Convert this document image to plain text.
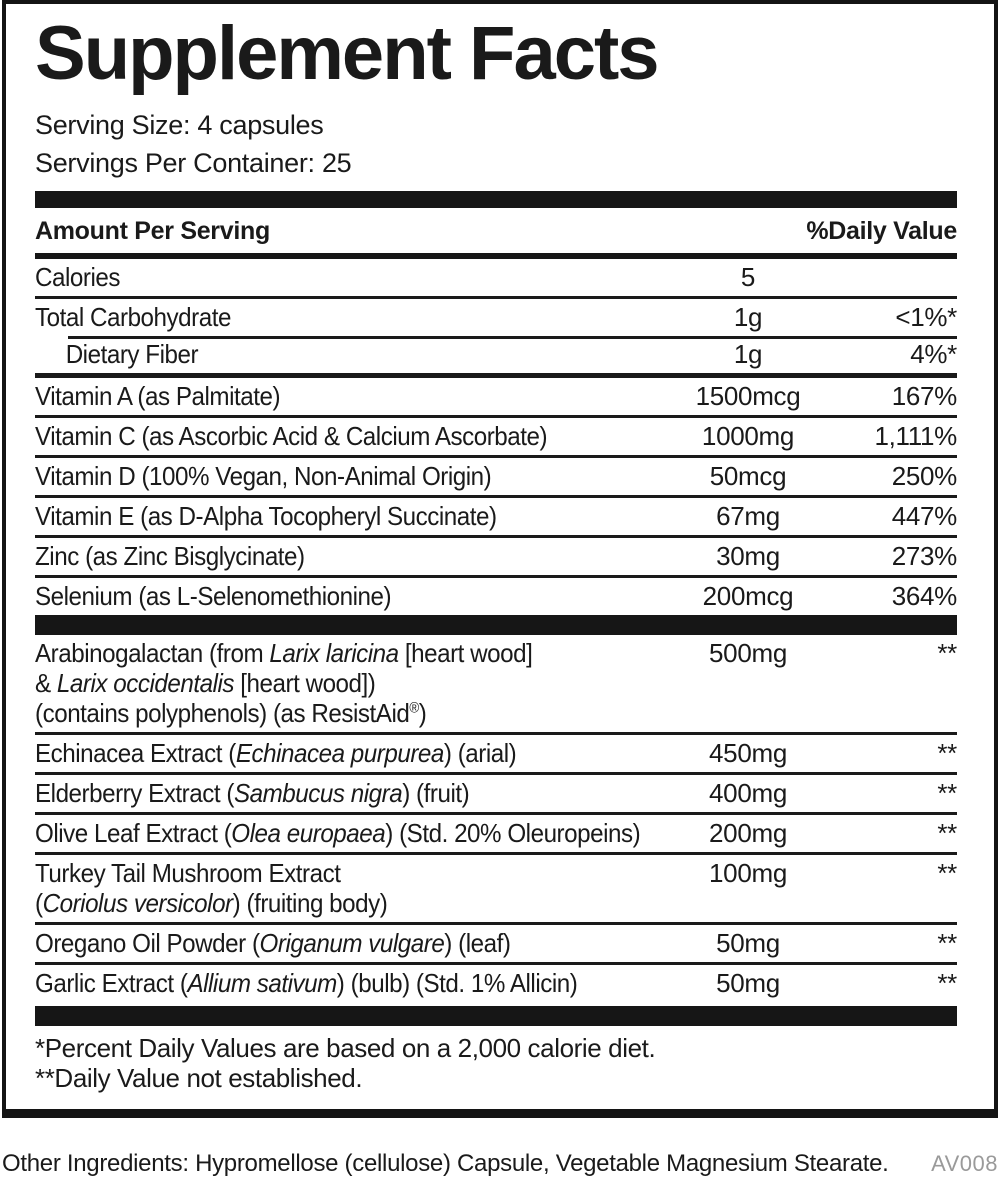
Supplement Facts
Serving Size: 4 capsules
Servings Per Container: 25
Amount Per Serving	%Daily Value
Calories	5
Total Carbohydrate	1g	<1%*
Dietary Fiber	1g	4%*
Vitamin A (as Palmitate)	1500mcg	167%
Vitamin C (as Ascorbic Acid & Calcium Ascorbate)	1000mg	1,111%
Vitamin D (100% Vegan, Non-Animal Origin)	50mcg	250%
Vitamin E (as D-Alpha Tocopheryl Succinate)	67mg	447%
Zinc (as Zinc Bisglycinate)	30mg	273%
Selenium (as L-Selenomethionine)	200mcg	364%
Arabinogalactan (from Larix laricina [heart wood]
& Larix occidentalis [heart wood])
(contains polyphenols) (as ResistAid®)
500mg	**
Echinacea Extract (Echinacea purpurea) (arial)	450mg	**
Elderberry Extract (Sambucus nigra) (fruit)	400mg	**
Olive Leaf Extract (Olea europaea) (Std. 20% Oleuropeins)	200mg	**
Turkey Tail Mushroom Extract
(Coriolus versicolor) (fruiting body)
100mg	**
Oregano Oil Powder (Origanum vulgare) (leaf)	50mg	**
Garlic Extract (Allium sativum) (bulb) (Std. 1% Allicin)	50mg	**
*Percent Daily Values are based on a 2,000 calorie diet.
**Daily Value not established.
Other Ingredients: Hypromellose (cellulose) Capsule, Vegetable Magnesium Stearate. AV008
